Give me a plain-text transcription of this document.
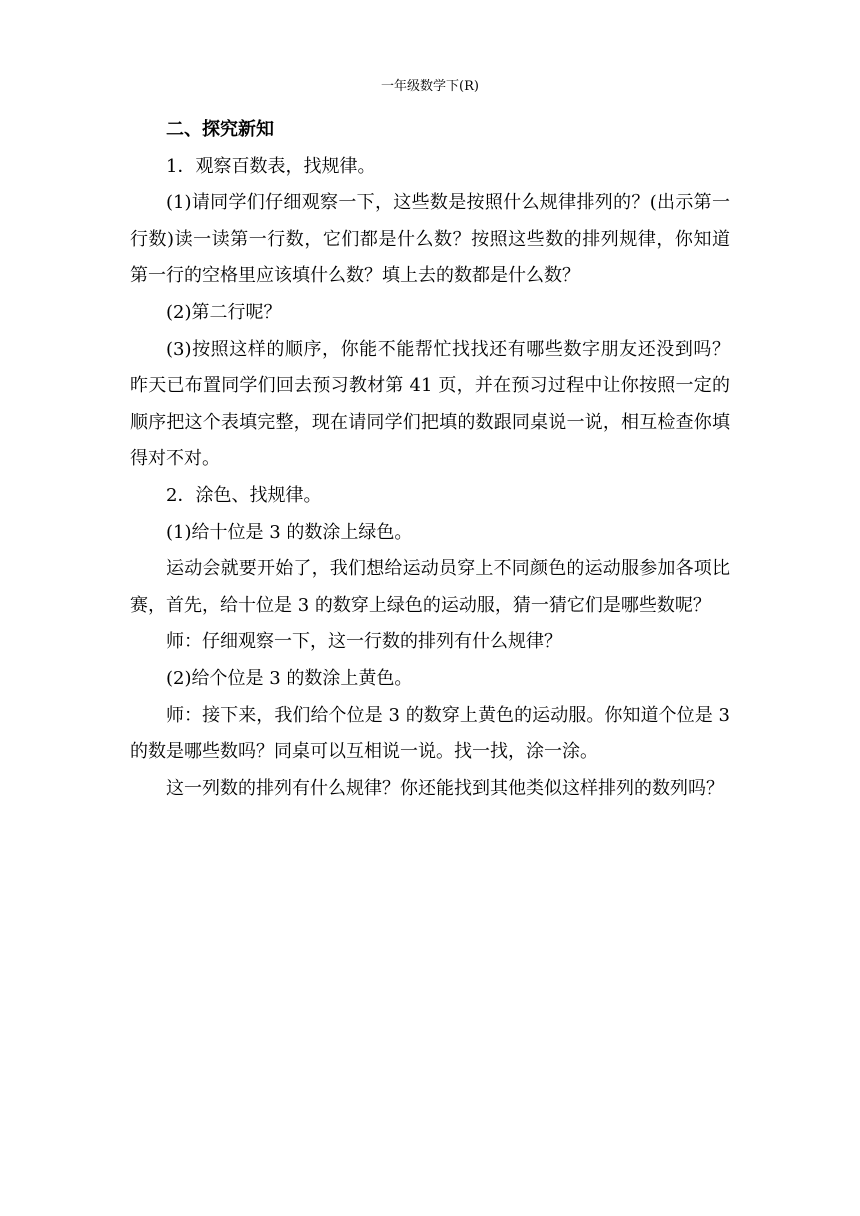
一年级数学下(R)

二、探究新知

1．观察百数表，找规律。

(1)请同学们仔细观察一下，这些数是按照什么规律排列的？(出示第一行数)读一读第一行数，它们都是什么数？按照这些数的排列规律，你知道第一行的空格里应该填什么数？填上去的数都是什么数？

(2)第二行呢？

(3)按照这样的顺序，你能不能帮忙找找还有哪些数字朋友还没到吗？昨天已布置同学们回去预习教材第 41 页，并在预习过程中让你按照一定的顺序把这个表填完整，现在请同学们把填的数跟同桌说一说，相互检查你填得对不对。

2．涂色、找规律。

(1)给十位是 3 的数涂上绿色。

运动会就要开始了，我们想给运动员穿上不同颜色的运动服参加各项比赛，首先，给十位是 3 的数穿上绿色的运动服，猜一猜它们是哪些数呢？

师：仔细观察一下，这一行数的排列有什么规律？

(2)给个位是 3 的数涂上黄色。

师：接下来，我们给个位是 3 的数穿上黄色的运动服。你知道个位是 3 的数是哪些数吗？同桌可以互相说一说。找一找，涂一涂。

这一列数的排列有什么规律？你还能找到其他类似这样排列的数列吗？
